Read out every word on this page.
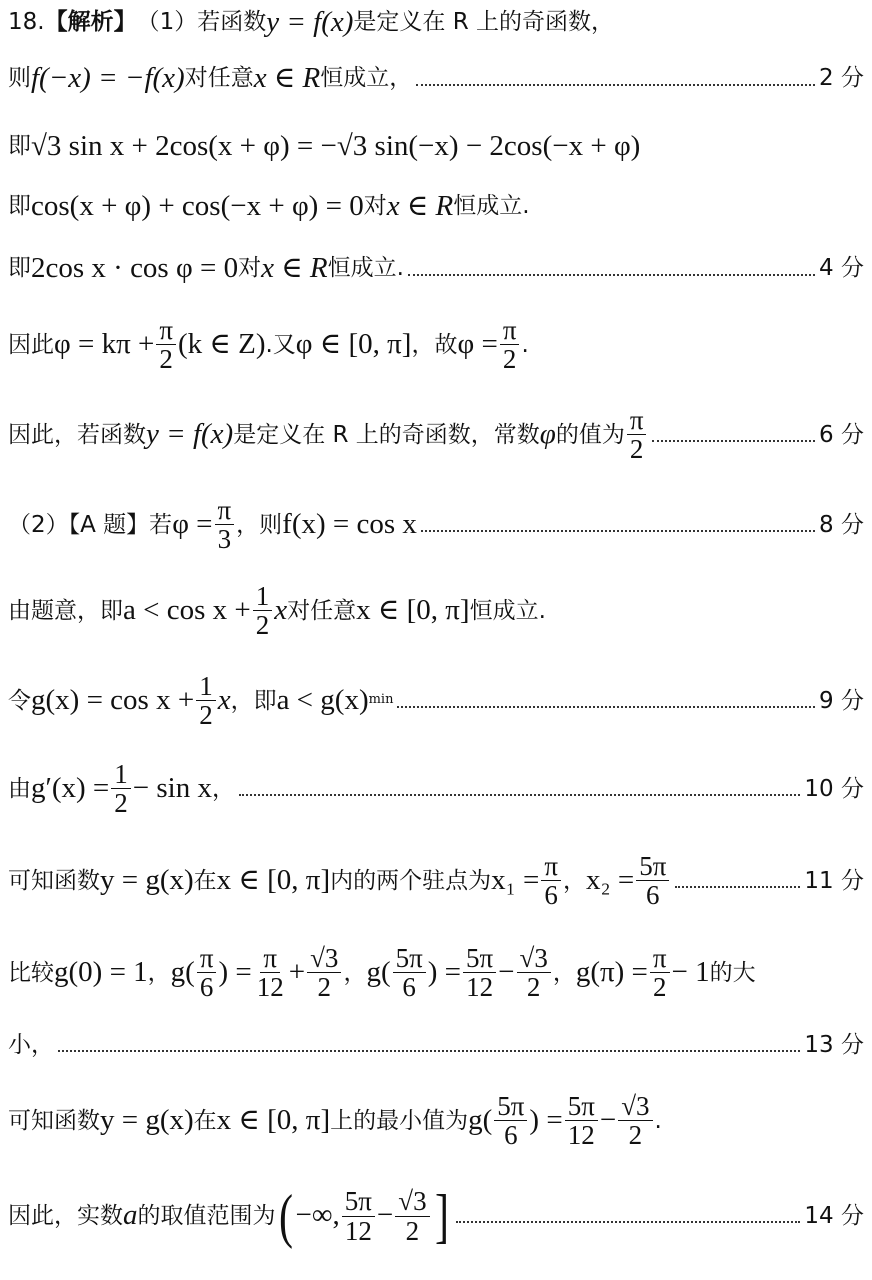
18. 【解析】 （1）若函数 y = f(x) 是定义在 R 上的奇函数，
则 f(−x) = −f(x) 对任意 x ∈ R 恒成立，	2 分
即 √3 sin x + 2cos(x + φ) = −√3 sin(−x) − 2cos(−x + φ)
即 cos(x + φ) + cos(−x + φ) = 0 对 x ∈ R 恒成立.
即 2cos x · cos φ = 0 对 x ∈ R 恒成立.	4 分
因此 $\varphi = k\pi + \frac{\pi}{2} (k$ ∈ Z) .又 φ ∈ [0, π] ，故 $\varphi = \frac{\pi}{2}$ .
因此，若函数 y = f(x) 是定义在 R 上的奇函数，常数 φ 的值为 $\frac{\pi}{2}$	6 分
（2）【A 题】若 $\varphi = \frac{\pi}{3}$ ，则 f(x) = cos x	8 分
由题意，即 $a < \cos x + \frac{1}{2}$ x 对任意 x ∈ [0, π] 恒成立.
令 $g(x) = \cos x + \frac{1}{2}$ x ，即 a < g(x) min	9 分
由 $g'(x) = \frac{1}{2} - \sin x$ ，	10 分
可知函数 y = g(x) 在 x ∈ [0, π] 内的两个驻点为 $x_1 = \frac{\pi}{6}$ ， $x_2 = \frac{5\pi}{6}$	11 分
比较 g(0) = 1 ， $g( \frac{\pi}{6}$ ) = $\frac{\pi}{12} + \frac{√3}{2}$ ， $g( \frac{5\pi}{6}$ ) = $\frac{5\pi}{12} - \frac{√3}{2}$ ， $g(\pi) = \frac{\pi}{2} - 1$ 的大
小，	13 分
可知函数 y = g(x) 在 x ∈ [0, π] 上的最小值为 $g( \frac{5\pi}{6}$ ) = $\frac{5\pi}{12} - \frac{√3}{2}$ .
因此，实数 a 的取值范围为 ( −∞, $\frac{5\pi}{12} - \frac{√3}{2}$ ]	14 分
